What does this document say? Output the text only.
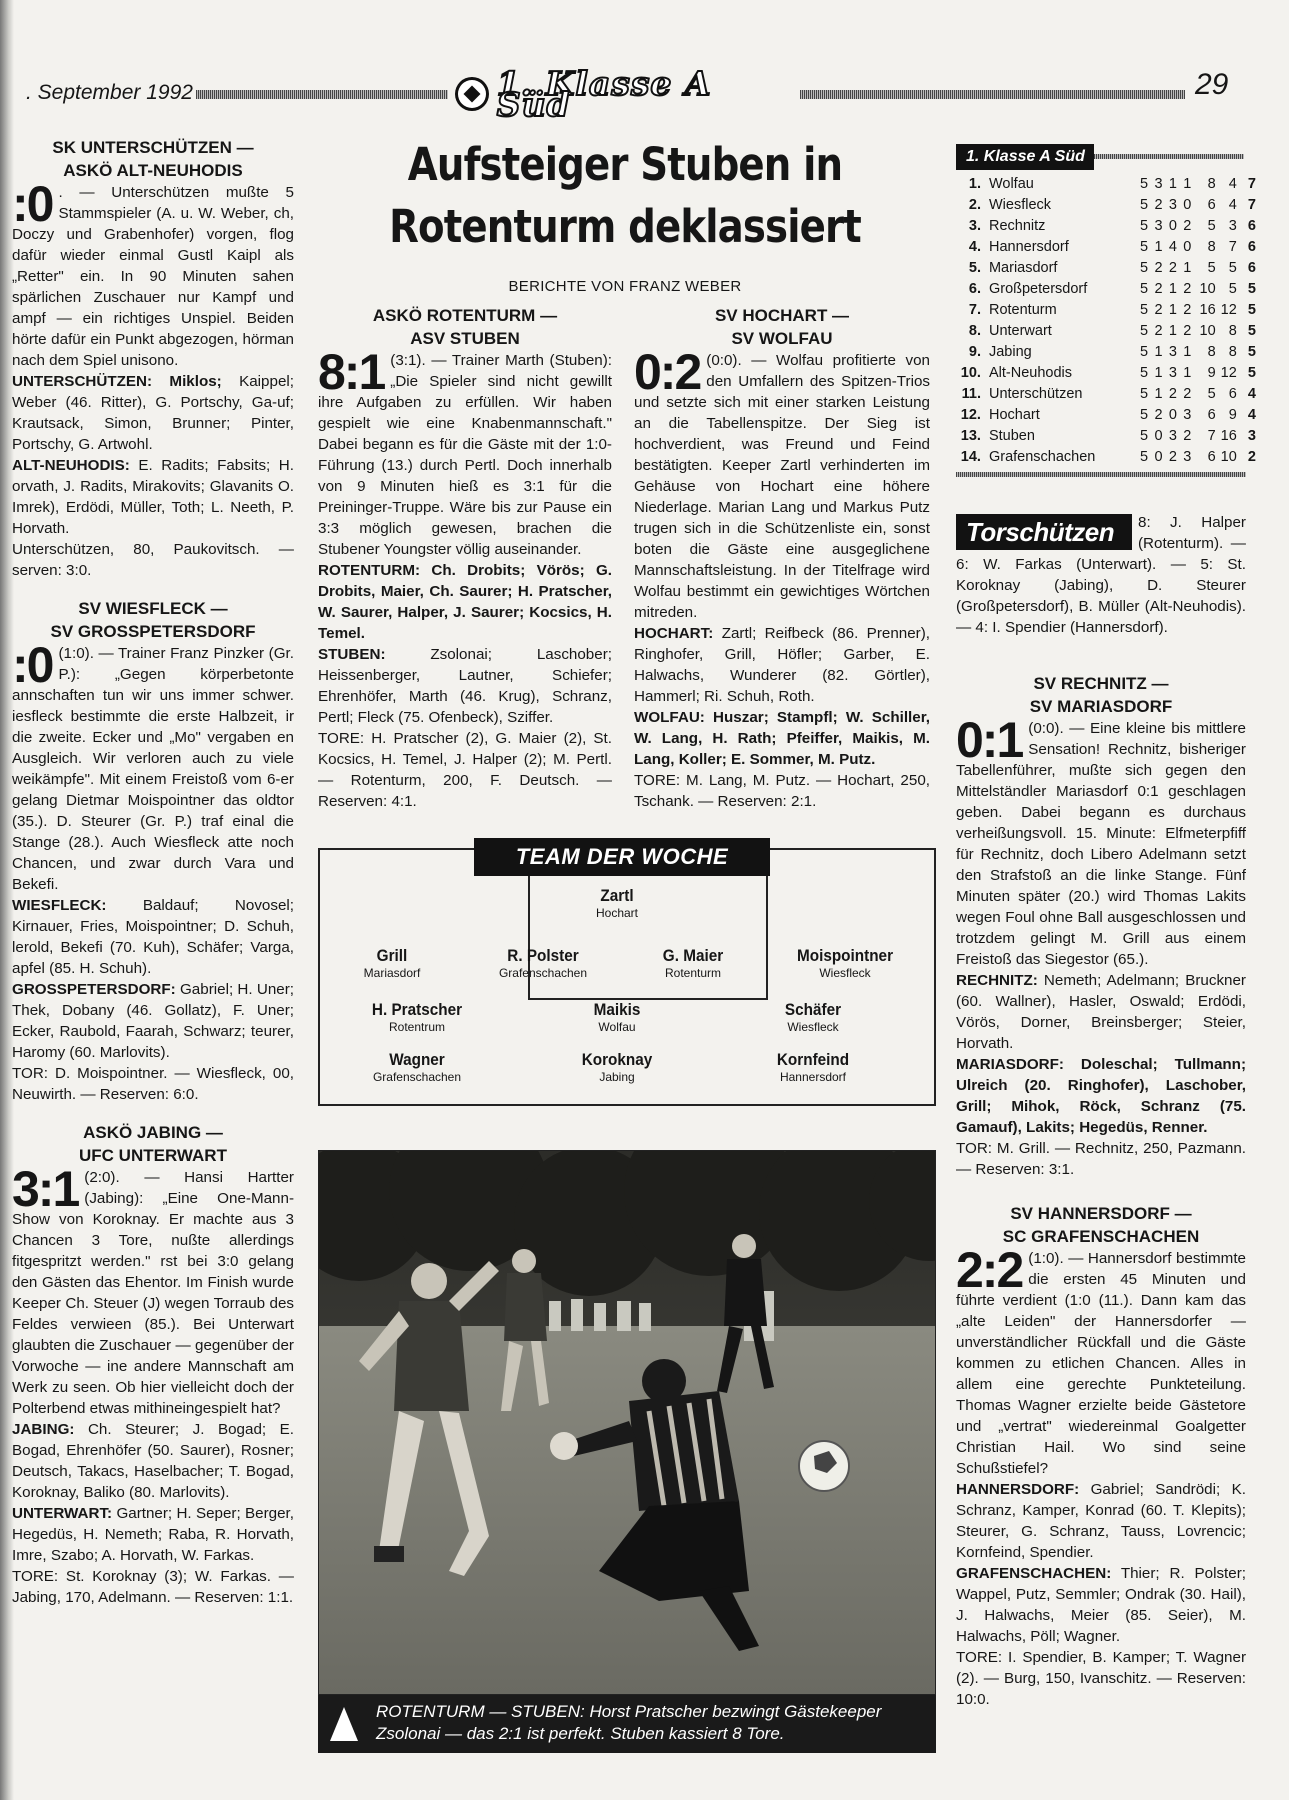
. September 1992	1. Klasse A Süd
29
SK UNTERSCHÜTZEN —
ASKÖ ALT-NEUHODIS

:0 . — Unterschützen mußte 5 Stammspieler (A. u. W. Weber, ch, Doczy und Grabenhofer) vorgen, flog dafür wieder einmal Gustl Kaipl als „Retter" ein. In 90 Minuten sahen spärlichen Zuschauer nur Kampf und ampf — ein richtiges Unspiel. Beiden hörte dafür ein Punkt abgezogen, hörman nach dem Spiel unisono.

UNTERSCHÜTZEN: Miklos; Kaippel; Weber (46. Ritter), G. Portschy, Ga-uf; Krautsack, Simon, Brunner; Pinter, Portschy, G. Artwohl.

ALT-NEUHODIS: E. Radits; Fabsits; H. orvath, J. Radits, Mirakovits; Glavanits O. Imrek), Erdödi, Müller, Toth; L. Neeth, P. Horvath.

Unterschützen, 80, Paukovitsch. — serven: 3:0.

SV WIESFLECK —
SV GROSSPETERSDORF

:0 (1:0). — Trainer Franz Pinzker (Gr. P.): „Gegen körperbetonte annschaften tun wir uns immer schwer. iesfleck bestimmte die erste Halbzeit, ir die zweite. Ecker und „Mo" vergaben en Ausgleich. Wir verloren auch zu viele weikämpfe". Mit einem Freistoß vom 6-er gelang Dietmar Moispointner das oldtor (35.). D. Steurer (Gr. P.) traf einal die Stange (28.). Auch Wiesfleck atte noch Chancen, und zwar durch Vara und Bekefi.

WIESFLECK: Baldauf; Novosel; Kirnauer, Fries, Moispointner; D. Schuh, lerold, Bekefi (70. Kuh), Schäfer; Varga, apfel (85. H. Schuh).

GROSSPETERSDORF: Gabriel; H. Uner; Thek, Dobany (46. Gollatz), F. Uner; Ecker, Raubold, Faarah, Schwarz; teurer, Haromy (60. Marlovits).

TOR: D. Moispointner. — Wiesfleck, 00, Neuwirth. — Reserven: 6:0.

ASKÖ JABING —
UFC UNTERWART

3:1 (2:0). — Hansi Hartter (Jabing): „Eine One-Mann-Show von Koroknay. Er machte aus 3 Chancen 3 Tore, nußte allerdings fitgespritzt werden." rst bei 3:0 gelang den Gästen das Ehentor. Im Finish wurde Keeper Ch. Steuer (J) wegen Torraub des Feldes verwieen (85.). Bei Unterwart glaubten die Zuschauer — gegenüber der Vorwoche — ine andere Mannschaft am Werk zu seen. Ob hier vielleicht doch der Polterbend etwas mithineingespielt hat?

JABING: Ch. Steurer; J. Bogad; E. Bogad, Ehrenhöfer (50. Saurer), Rosner; Deutsch, Takacs, Haselbacher; T. Bogad, Koroknay, Baliko (80. Marlovits).

UNTERWART: Gartner; H. Seper; Berger, Hegedüs, H. Nemeth; Raba, R. Horvath, Imre, Szabo; A. Horvath, W. Farkas.

TORE: St. Koroknay (3); W. Farkas. — Jabing, 170, Adelmann. — Reserven: 1:1.

Aufsteiger Stuben in
Rotenturm deklassiert
BERICHTE VON FRANZ WEBER
ASKÖ ROTENTURM —
ASV STUBEN

8:1 (3:1). — Trainer Marth (Stuben): „Die Spieler sind nicht gewillt ihre Aufgaben zu erfüllen. Wir haben gespielt wie eine Knabenmannschaft." Dabei begann es für die Gäste mit der 1:0-Führung (13.) durch Pertl. Doch innerhalb von 9 Minuten hieß es 3:1 für die Preininger-Truppe. Wäre bis zur Pause ein 3:3 möglich gewesen, brachen die Stubener Youngster völlig auseinander.

ROTENTURM: Ch. Drobits; Vörös; G. Drobits, Maier, Ch. Saurer; H. Pratscher, W. Saurer, Halper, J. Saurer; Kocsics, H. Temel.

STUBEN:	Zsolonai; Laschober; Heissenberger, Lautner, Schiefer; Ehrenhöfer, Marth (46. Krug), Schranz, Pertl; Fleck (75. Ofenbeck), Sziffer.

TORE: H. Pratscher (2), G. Maier (2), St. Kocsics, H. Temel, J. Halper (2); M. Pertl. — Rotenturm, 200, F. Deutsch. — Reserven: 4:1.

SV HOCHART —
SV WOLFAU

0:2 (0:0). — Wolfau profitierte von den Umfallern des Spitzen-Trios und setzte sich mit einer starken Leistung an die Tabellenspitze. Der Sieg ist hochverdient, was Freund und Feind bestätigten. Keeper Zartl verhinderten im Gehäuse von Hochart eine höhere Niederlage. Marian Lang und Markus Putz trugen sich in die Schützenliste ein, sonst boten die Gäste eine ausgeglichene Mannschaftsleistung. In der Titelfrage wird Wolfau bestimmt ein gewichtiges Wörtchen mitreden.

HOCHART: Zartl; Reifbeck (86. Prenner), Ringhofer, Grill, Höfler; Garber, E. Halwachs, Wunderer (82. Görtler), Hammerl; Ri. Schuh, Roth.

WOLFAU: Huszar; Stampfl; W. Schiller, W. Lang, H. Rath; Pfeiffer, Maikis, M. Lang, Koller; E. Sommer, M. Putz.

TORE: M. Lang, M. Putz. — Hochart, 250, Tschank. — Reserven: 2:1.

TEAM DER WOCHE
Zartl
Hochart
Grill
Mariasdorf
R. Polster
Grafenschachen
G. Maier
Rotenturm
Moispointner
Wiesfleck
H. Pratscher
Rotentrum
Maikis
Wolfau
Schäfer
Wiesfleck
Wagner
Grafenschachen
Koroknay
Jabing
Kornfeind
Hannersdorf
ROTENTURM — STUBEN: Horst Pratscher bezwingt Gästekeeper
Zsolonai — das 2:1 ist perfekt. Stuben kassiert 8 Tore.
1. Klasse A Süd
1. Wolfau	5 3 1 1	8 4 7
2. Wiesfleck	5 2 3 0	6 4 7
3. Rechnitz	5 3 0 2	5 3 6
4. Hannersdorf	5 1 4 0	8 7 6
5. Mariasdorf	5 2 2 1	5 5 6
6. Großpetersdorf	5 2 1 2 10 5 5
7. Rotenturm	5 2 1 2 16 12 5
8. Unterwart	5 2 1 2 10 8 5
9. Jabing	5 1 3 1	8 8 5
10. Alt-Neuhodis	5 1 3 1	9 12 5
11. Unterschützen	5 1 2 2	5 6 4
12. Hochart	5 2 0 3	6 9 4
13. Stuben	5 0 3 2	7 16 3
14. Grafenschachen	5 0 2 3	6 10 2
Torschützen	8: J. Halper (Rotenturm). — 6: W. Farkas (Unterwart). — 5: St. Koroknay (Jabing), D. Steurer (Großpetersdorf), B. Müller (Alt-Neuhodis). — 4: I. Spendier (Hannersdorf).
SV RECHNITZ —
SV MARIASDORF

0:1 (0:0). — Eine kleine bis mittlere Sensation! Rechnitz, bisheriger Tabellenführer, mußte sich gegen den Mittelständler Mariasdorf 0:1 geschlagen geben. Dabei begann es durchaus verheißungsvoll. 15. Minute: Elfmeterpfiff für Rechnitz, doch Libero Adelmann setzt den Strafstoß an die linke Stange. Fünf Minuten später (20.) wird Thomas Lakits wegen Foul ohne Ball ausgeschlossen und trotzdem gelingt M. Grill aus einem Freistoß das Siegestor (65.).

RECHNITZ: Nemeth; Adelmann; Bruckner (60. Wallner), Hasler, Oswald; Erdödi, Vörös, Dorner, Breinsberger; Steier, Horvath.

MARIASDORF: Doleschal; Tullmann; Ulreich (20. Ringhofer), Laschober, Grill; Mihok, Röck, Schranz (75. Gamauf), Lakits; Hegedüs, Renner.

TOR: M. Grill. — Rechnitz, 250, Pazmann. — Reserven: 3:1.

SV HANNERSDORF —
SC GRAFENSCHACHEN

2:2 (1:0). — Hannersdorf bestimmte die ersten 45 Minuten und führte verdient (1:0 (11.). Dann kam das „alte Leiden" der Hannersdorfer — unverständlicher Rückfall und die Gäste kommen zu etlichen Chancen. Alles in allem eine gerechte Punkteteilung. Thomas Wagner erzielte beide Gästetore und „vertrat" wiedereinmal Goalgetter Christian Hail. Wo sind seine Schußstiefel?

HANNERSDORF: Gabriel; Sandrödi; K. Schranz, Kamper, Konrad (60. T. Klepits); Steurer, G. Schranz, Tauss, Lovrencic; Kornfeind, Spendier.

GRAFENSCHACHEN: Thier; R. Polster; Wappel, Putz, Semmler; Ondrak (30. Hail), J. Halwachs, Meier (85. Seier), M. Halwachs, Pöll; Wagner.

TORE: I. Spendier, B. Kamper; T. Wagner (2). — Burg, 150, Ivanschitz. — Reserven: 10:0.
